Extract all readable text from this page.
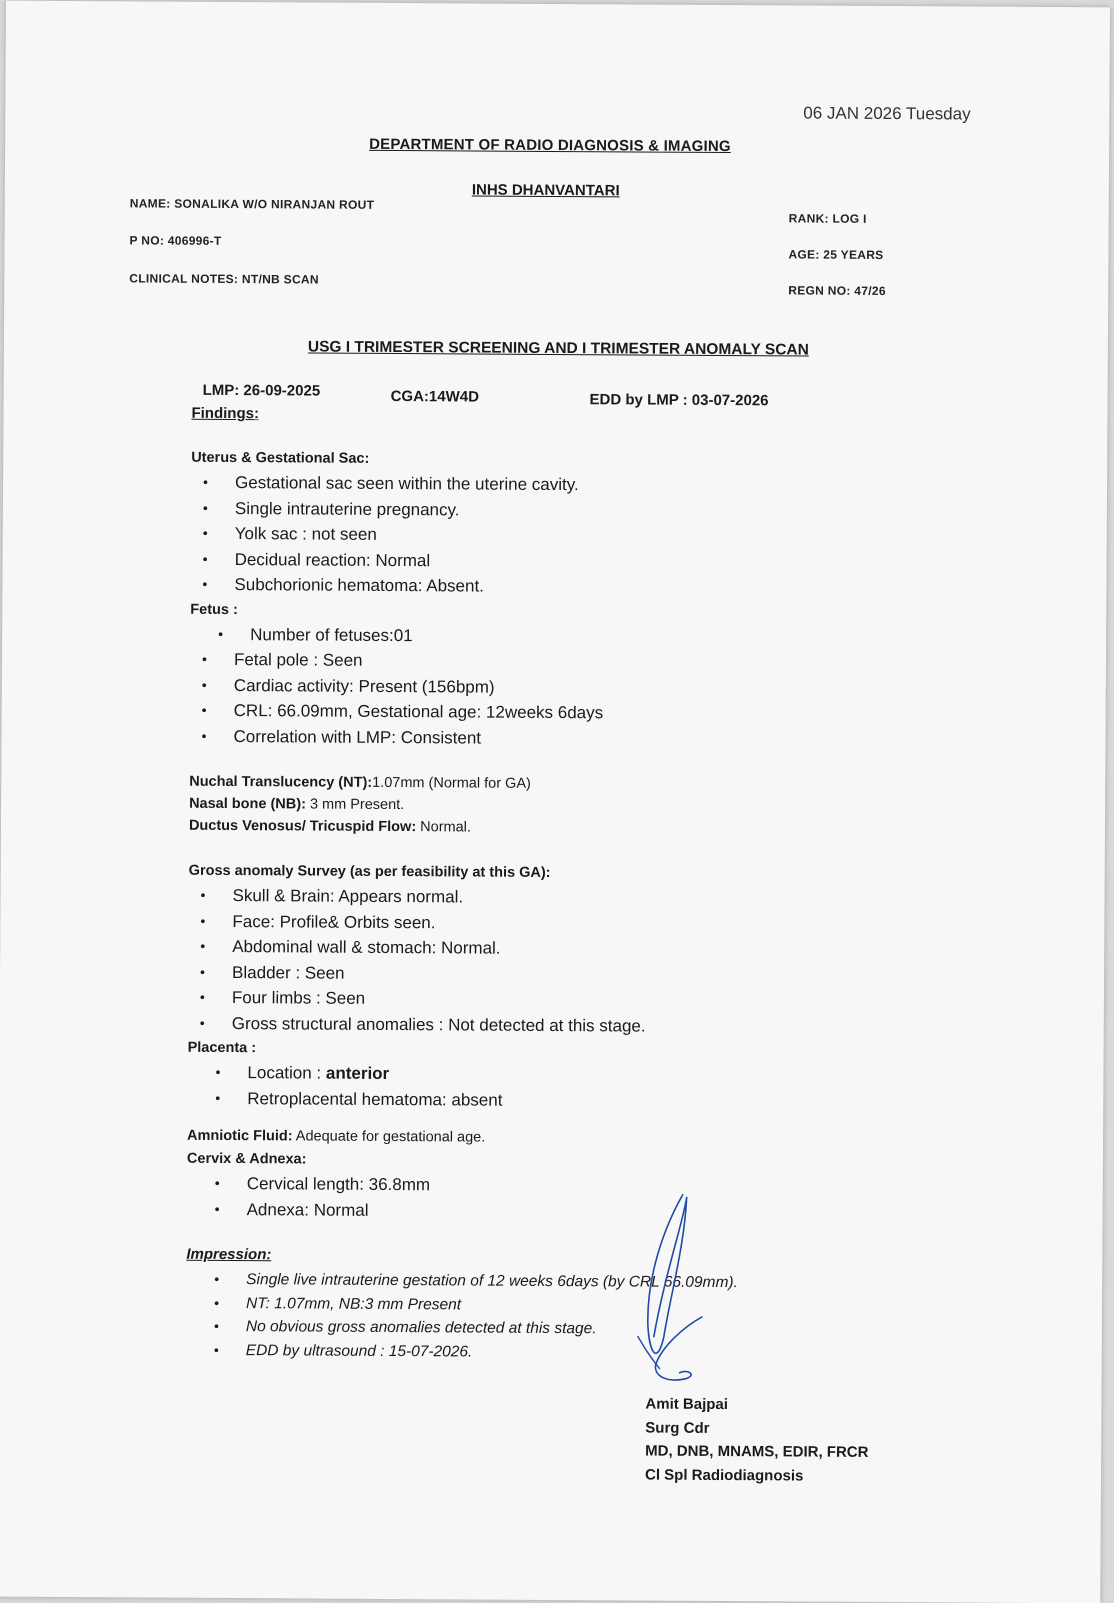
06 JAN 2026 Tuesday
DEPARTMENT OF RADIO DIAGNOSIS & IMAGING
INHS DHANVANTARI
NAME: SONALIKA W/O NIRANJAN ROUT
P NO: 406996-T
CLINICAL NOTES: NT/NB SCAN
RANK: LOG I
AGE: 25 YEARS
REGN NO: 47/26
USG I TRIMESTER SCREENING AND I TRIMESTER ANOMALY SCAN
LMP: 26-09-2025	CGA:14W4D	EDD by LMP : 03-07-2026
Findings:
Uterus & Gestational Sac:
• Gestational sac seen within the uterine cavity.
• Single intrauterine pregnancy.
• Yolk sac : not seen
• Decidual reaction: Normal
• Subchorionic hematoma: Absent.
Fetus :
• Number of fetuses:01
• Fetal pole : Seen
• Cardiac activity: Present (156bpm)
• CRL: 66.09mm, Gestational age: 12weeks 6days
• Correlation with LMP: Consistent
Nuchal Translucency (NT):1.07mm (Normal for GA)
Nasal bone (NB): 3 mm Present.
Ductus Venosus/ Tricuspid Flow: Normal.
Gross anomaly Survey (as per feasibility at this GA):
• Skull & Brain: Appears normal.
• Face: Profile& Orbits seen.
• Abdominal wall & stomach: Normal.
• Bladder : Seen
• Four limbs : Seen
• Gross structural anomalies : Not detected at this stage.
Placenta :
• Location : anterior
• Retroplacental hematoma: absent
Amniotic Fluid: Adequate for gestational age.
Cervix & Adnexa:
• Cervical length: 36.8mm
• Adnexa: Normal
Impression:
• Single live intrauterine gestation of 12 weeks 6days (by CRL 66.09mm).
• NT: 1.07mm, NB:3 mm Present
• No obvious gross anomalies detected at this stage.
• EDD by ultrasound : 15-07-2026.
Amit Bajpai
Surg Cdr
MD, DNB, MNAMS, EDIR, FRCR
Cl Spl Radiodiagnosis
